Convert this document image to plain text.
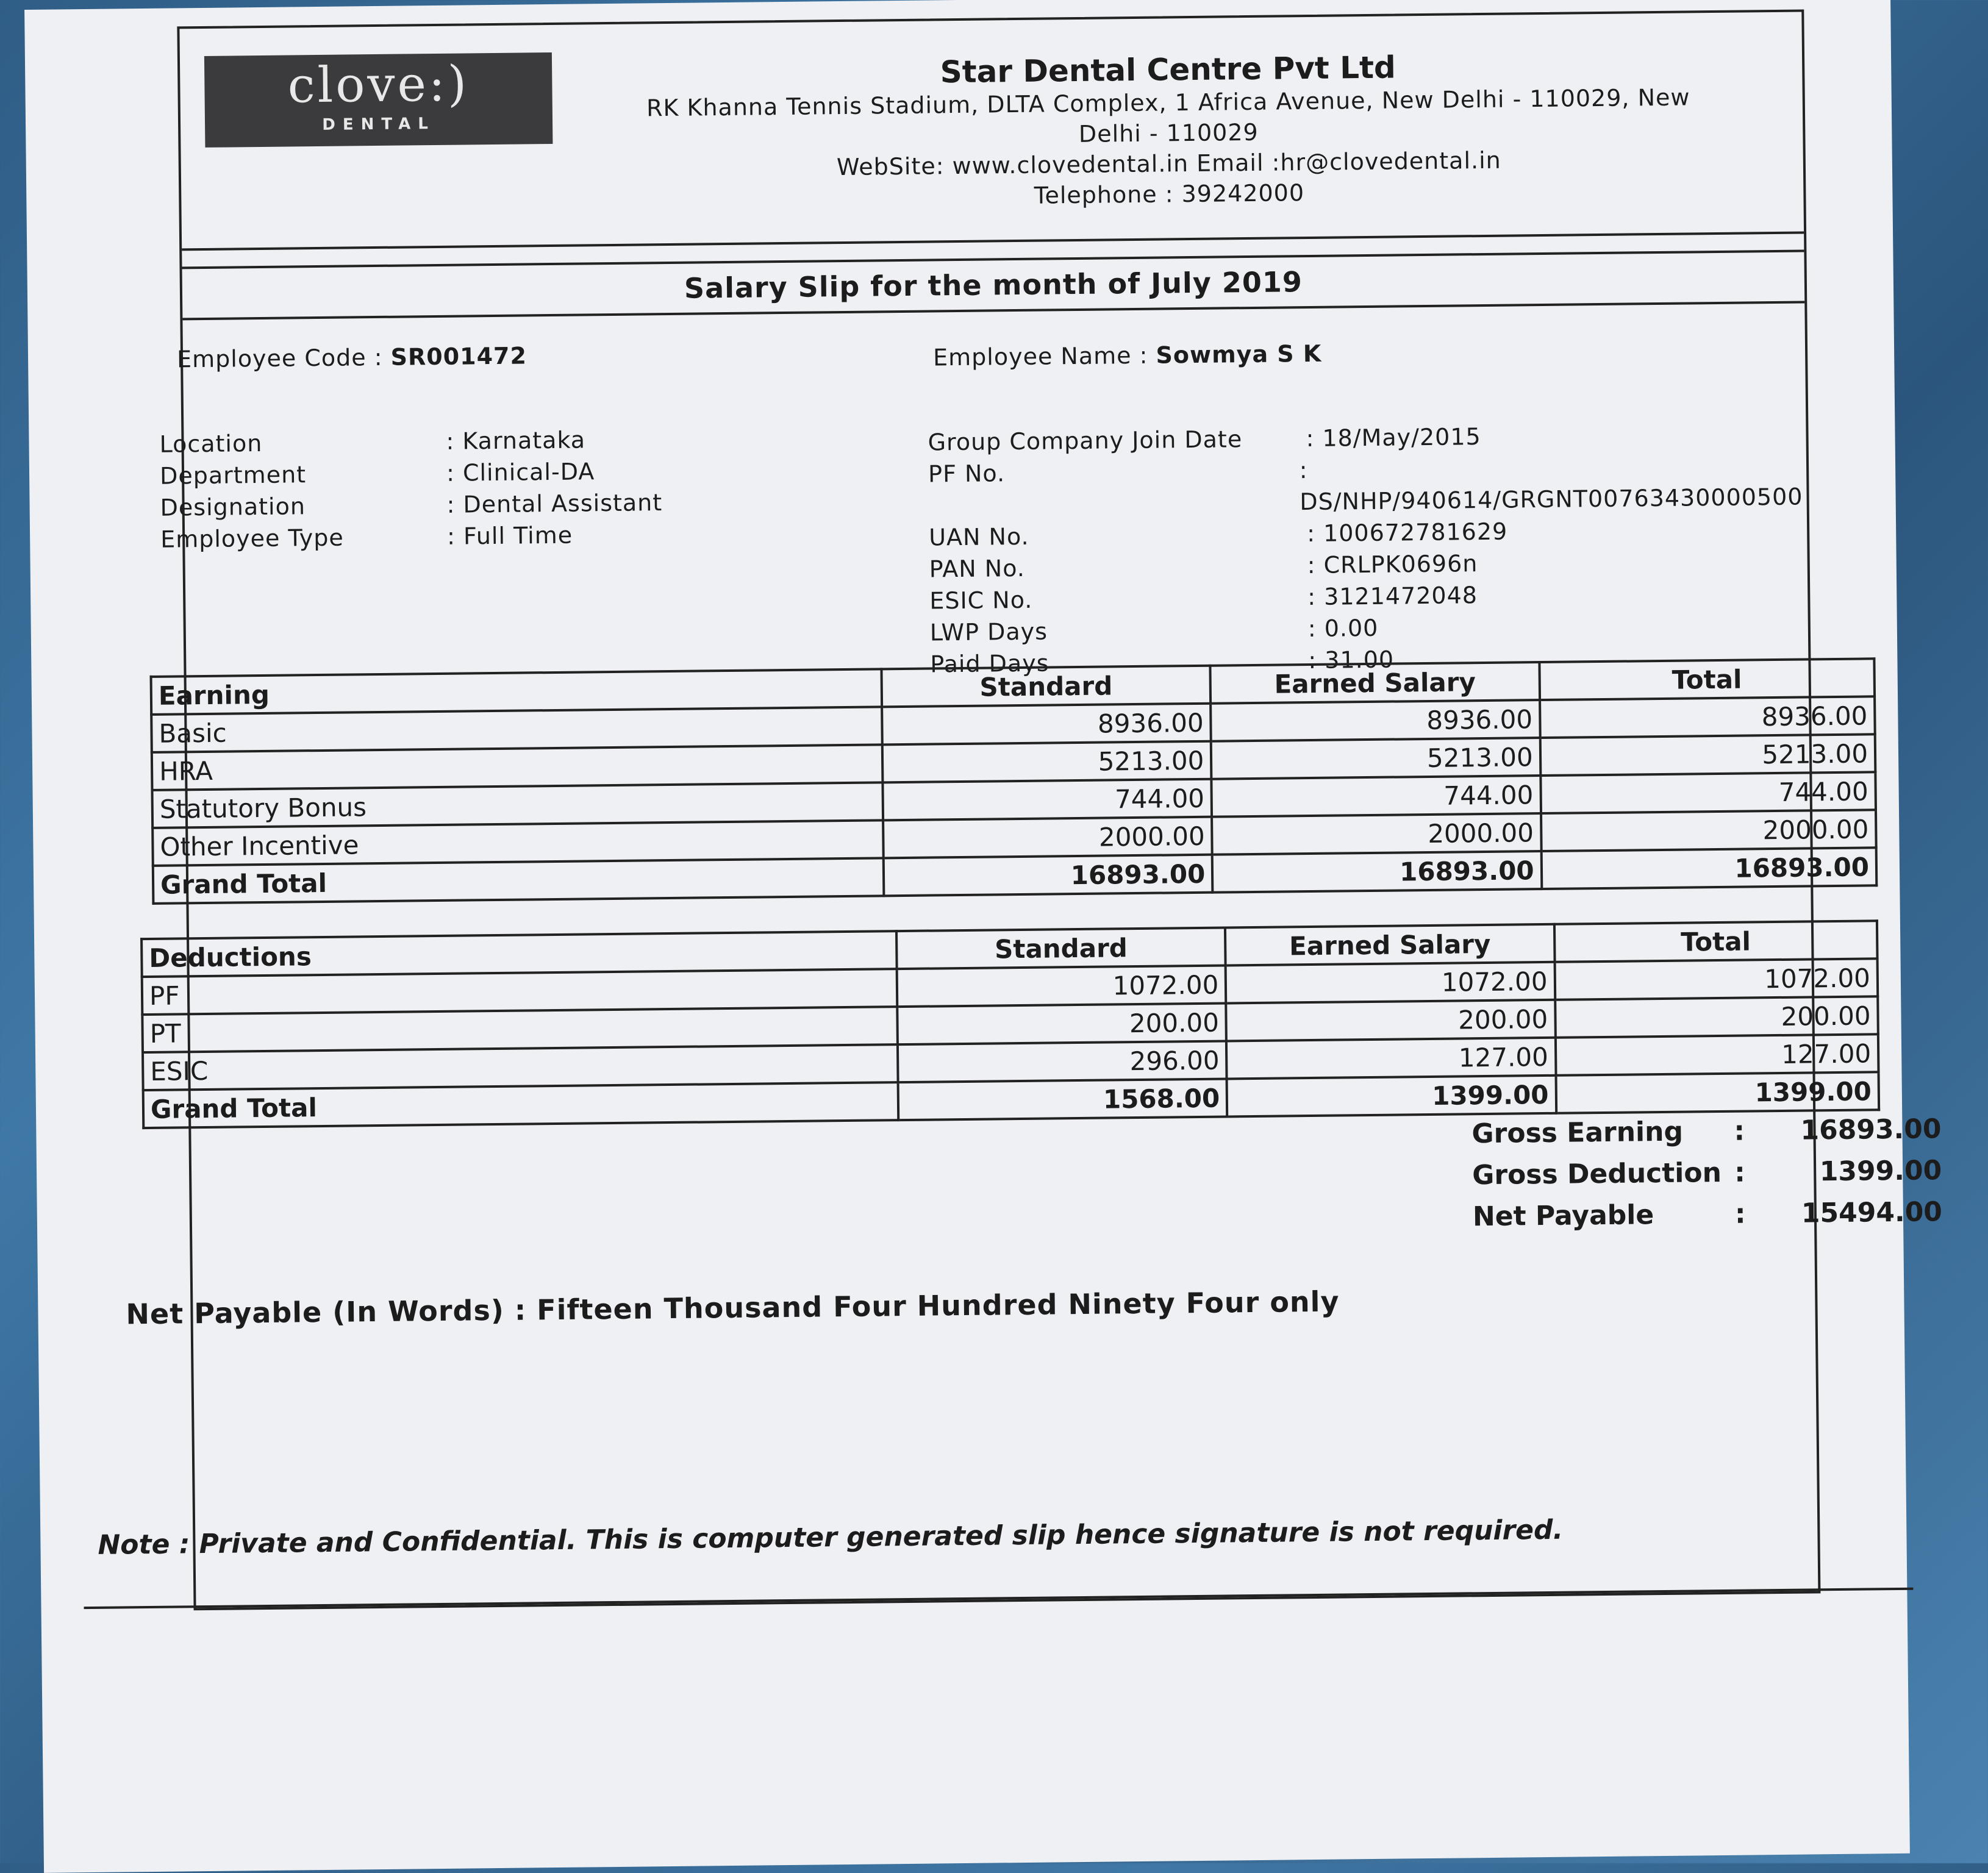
clove:)
DENTAL
Star Dental Centre Pvt Ltd
RK Khanna Tennis Stadium, DLTA Complex, 1 Africa Avenue, New Delhi - 110029, New
Delhi - 110029
WebSite: www.clovedental.in Email :hr@clovedental.in
Telephone : 39242000
Salary Slip for the month of July 2019
Employee Code : SR001472	Employee Name : Sowmya S K
Location	: Karnataka
Department	: Clinical-DA
Designation	: Dental Assistant
Employee Type	: Full Time
Group Company Join Date	: 18/May/2015
PF No.	: DS/NHP/940614/GRGNT00763430000500
UAN No.	: 100672781629
PAN No.	: CRLPK0696n
ESIC No.	: 3121472048
LWP Days	: 0.00
Paid Days	: 31.00
Earning	Standard	Earned Salary	Total
Basic	8936.00	8936.00	8936.00
HRA	5213.00	5213.00	5213.00
Statutory Bonus	744.00	744.00	744.00
Other Incentive	2000.00	2000.00	2000.00
Grand Total	16893.00	16893.00	16893.00
Deductions	Standard	Earned Salary	Total
PF	1072.00	1072.00	1072.00
PT	200.00	200.00	200.00
ESIC	296.00	127.00	127.00
Grand Total	1568.00	1399.00	1399.00
Gross Earning	:	16893.00
Gross Deduction :	1399.00
Net Payable	:	15494.00
Net Payable (In Words) : Fifteen Thousand Four Hundred Ninety Four only
Note : Private and Confidential. This is computer generated slip hence signature is not required.
